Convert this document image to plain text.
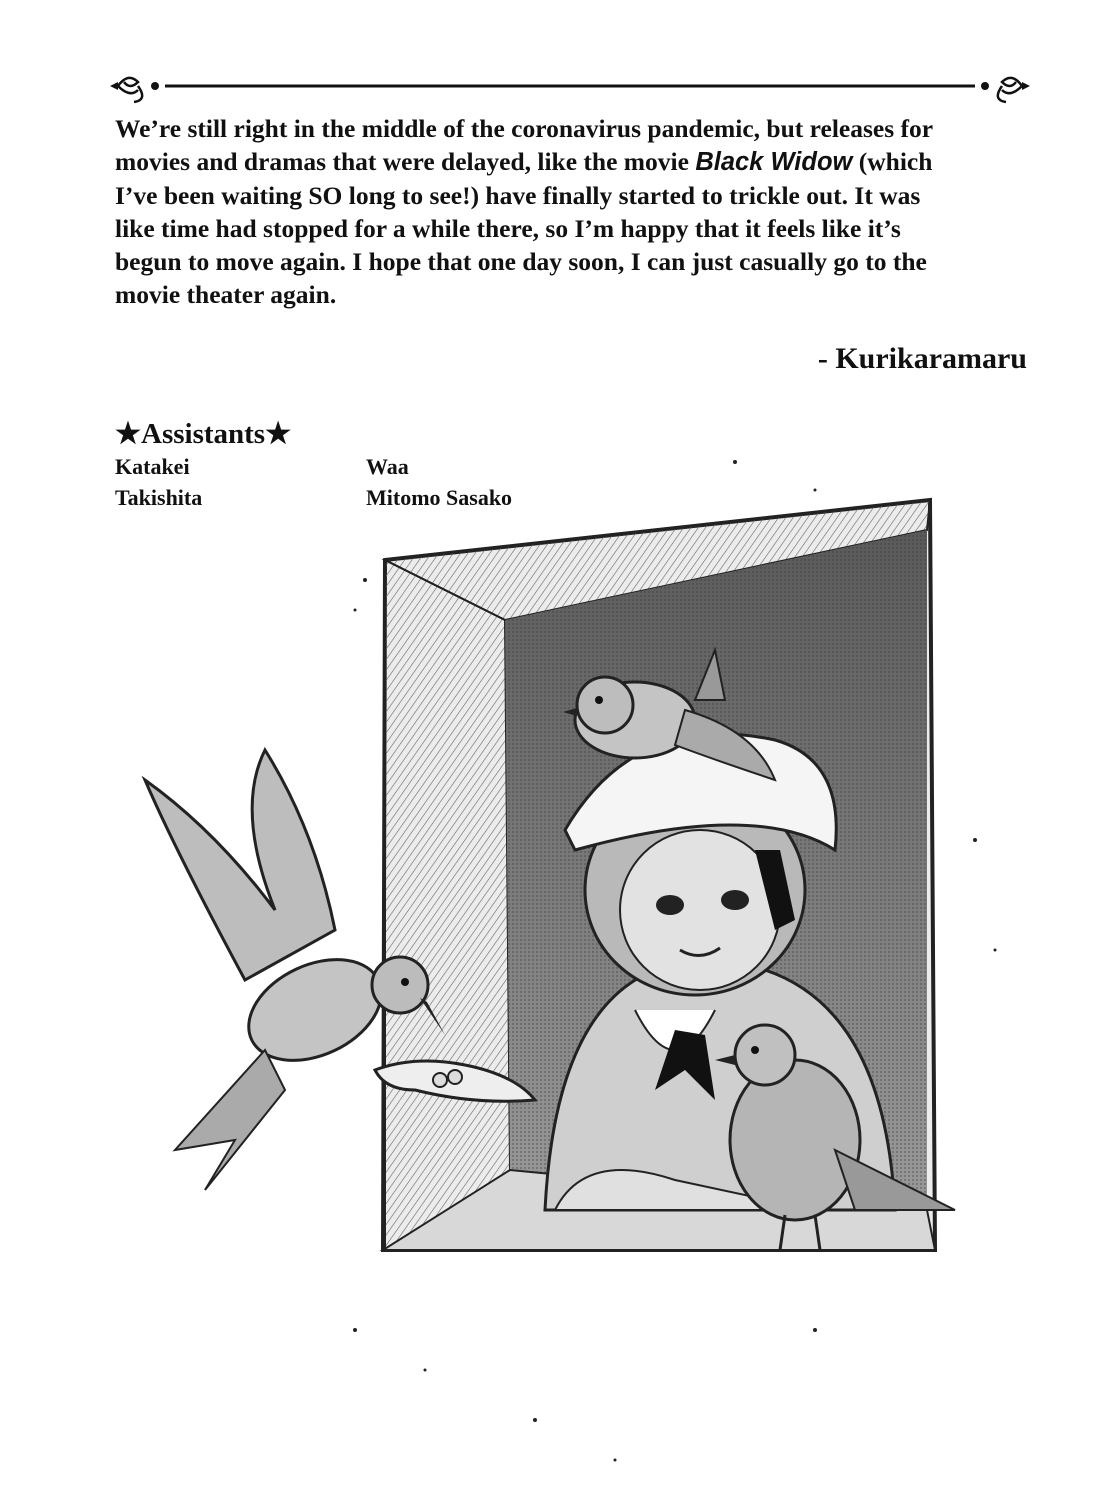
We’re still right in the middle of the coronavirus pandemic, but releases for
movies and dramas that were delayed, like the movie Black Widow (which
I’ve been waiting SO long to see!) have finally started to trickle out. It was
like time had stopped for a while there, so I’m happy that it feels like it’s
begun to move again. I hope that one day soon, I can just casually go to the
movie theater again.

- Kurikaramaru
★Assistants★
Katakei	Waa
Takishita	Mitomo Sasako
